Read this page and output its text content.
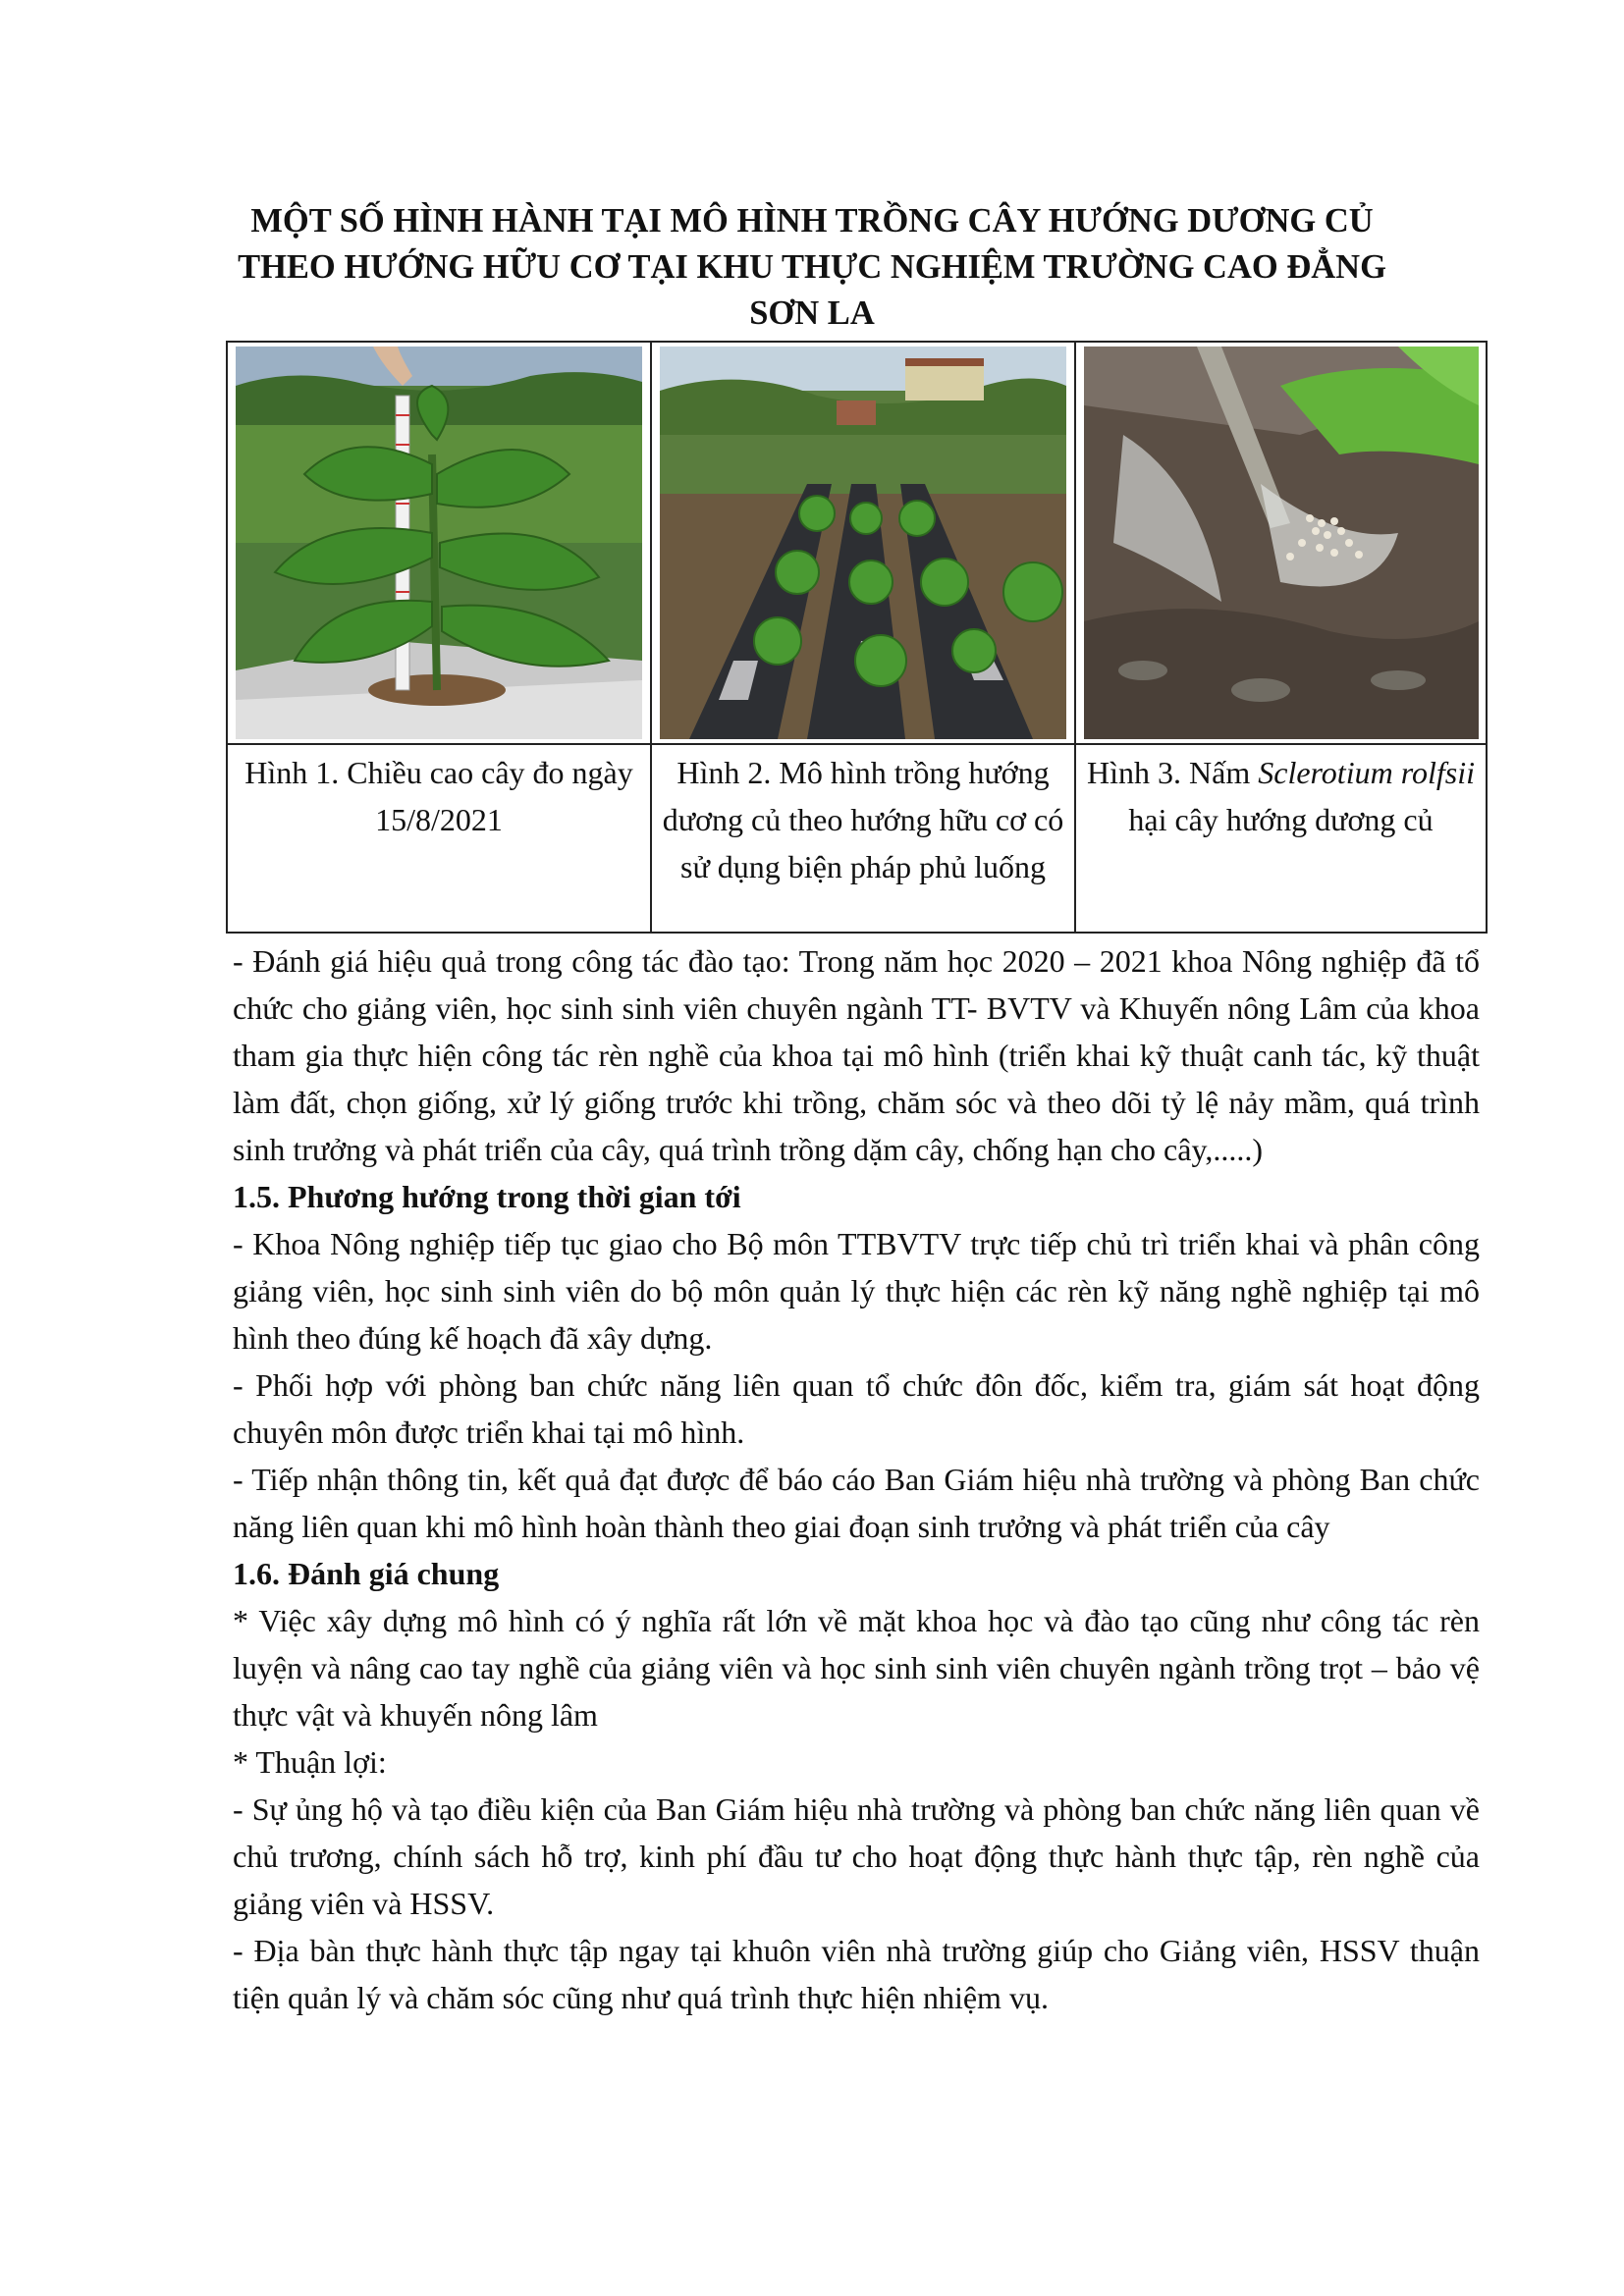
MỘT SỐ HÌNH HÀNH TẠI MÔ HÌNH TRỒNG CÂY HƯỚNG DƯƠNG CỦ
THEO HƯỚNG HỮU CƠ TẠI KHU THỰC NGHIỆM TRƯỜNG CAO ĐẲNG
SƠN LA

Hình 1. Chiều cao cây đo ngày 15/8/2021	Hình 2. Mô hình trồng hướng dương củ theo hướng hữu cơ có sử dụng biện pháp phủ luống	Hình 3. Nấm Sclerotium rolfsii hại cây hướng dương củ

- Đánh giá hiệu quả trong công tác đào tạo: Trong năm học 2020 – 2021 khoa Nông nghiệp đã tổ chức cho giảng viên, học sinh sinh viên chuyên ngành TT- BVTV và Khuyến nông Lâm của khoa tham gia thực hiện công tác rèn nghề của khoa tại mô hình (triển khai kỹ thuật canh tác, kỹ thuật làm đất, chọn giống, xử lý giống trước khi trồng, chăm sóc và theo dõi tỷ lệ nảy mầm, quá trình sinh trưởng và phát triển của cây, quá trình trồng dặm cây, chống hạn cho cây,.....)

1.5. Phương hướng trong thời gian tới

- Khoa Nông nghiệp tiếp tục giao cho Bộ môn TTBVTV trực tiếp chủ trì triển khai và phân công giảng viên, học sinh sinh viên do bộ môn quản lý thực hiện các rèn kỹ năng nghề nghiệp tại mô hình theo đúng kế hoạch đã xây dựng.

- Phối hợp với phòng ban chức năng liên quan tổ chức đôn đốc, kiểm tra, giám sát hoạt động chuyên môn được triển khai tại mô hình.

- Tiếp nhận thông tin, kết quả đạt được để báo cáo Ban Giám hiệu nhà trường và phòng Ban chức năng liên quan khi mô hình hoàn thành theo giai đoạn sinh trưởng và phát triển của cây

1.6. Đánh giá chung

* Việc xây dựng mô hình có ý nghĩa rất lớn về mặt khoa học và đào tạo cũng như công tác rèn luyện và nâng cao tay nghề của giảng viên và học sinh sinh viên chuyên ngành trồng trọt – bảo vệ thực vật và khuyến nông lâm

* Thuận lợi:

- Sự ủng hộ và tạo điều kiện của Ban Giám hiệu nhà trường và phòng ban chức năng liên quan về chủ trương, chính sách hỗ trợ, kinh phí đầu tư cho hoạt động thực hành thực tập, rèn nghề của giảng viên và HSSV.

- Địa bàn thực hành thực tập ngay tại khuôn viên nhà trường giúp cho Giảng viên, HSSV thuận tiện quản lý và chăm sóc cũng như quá trình thực hiện nhiệm vụ.
